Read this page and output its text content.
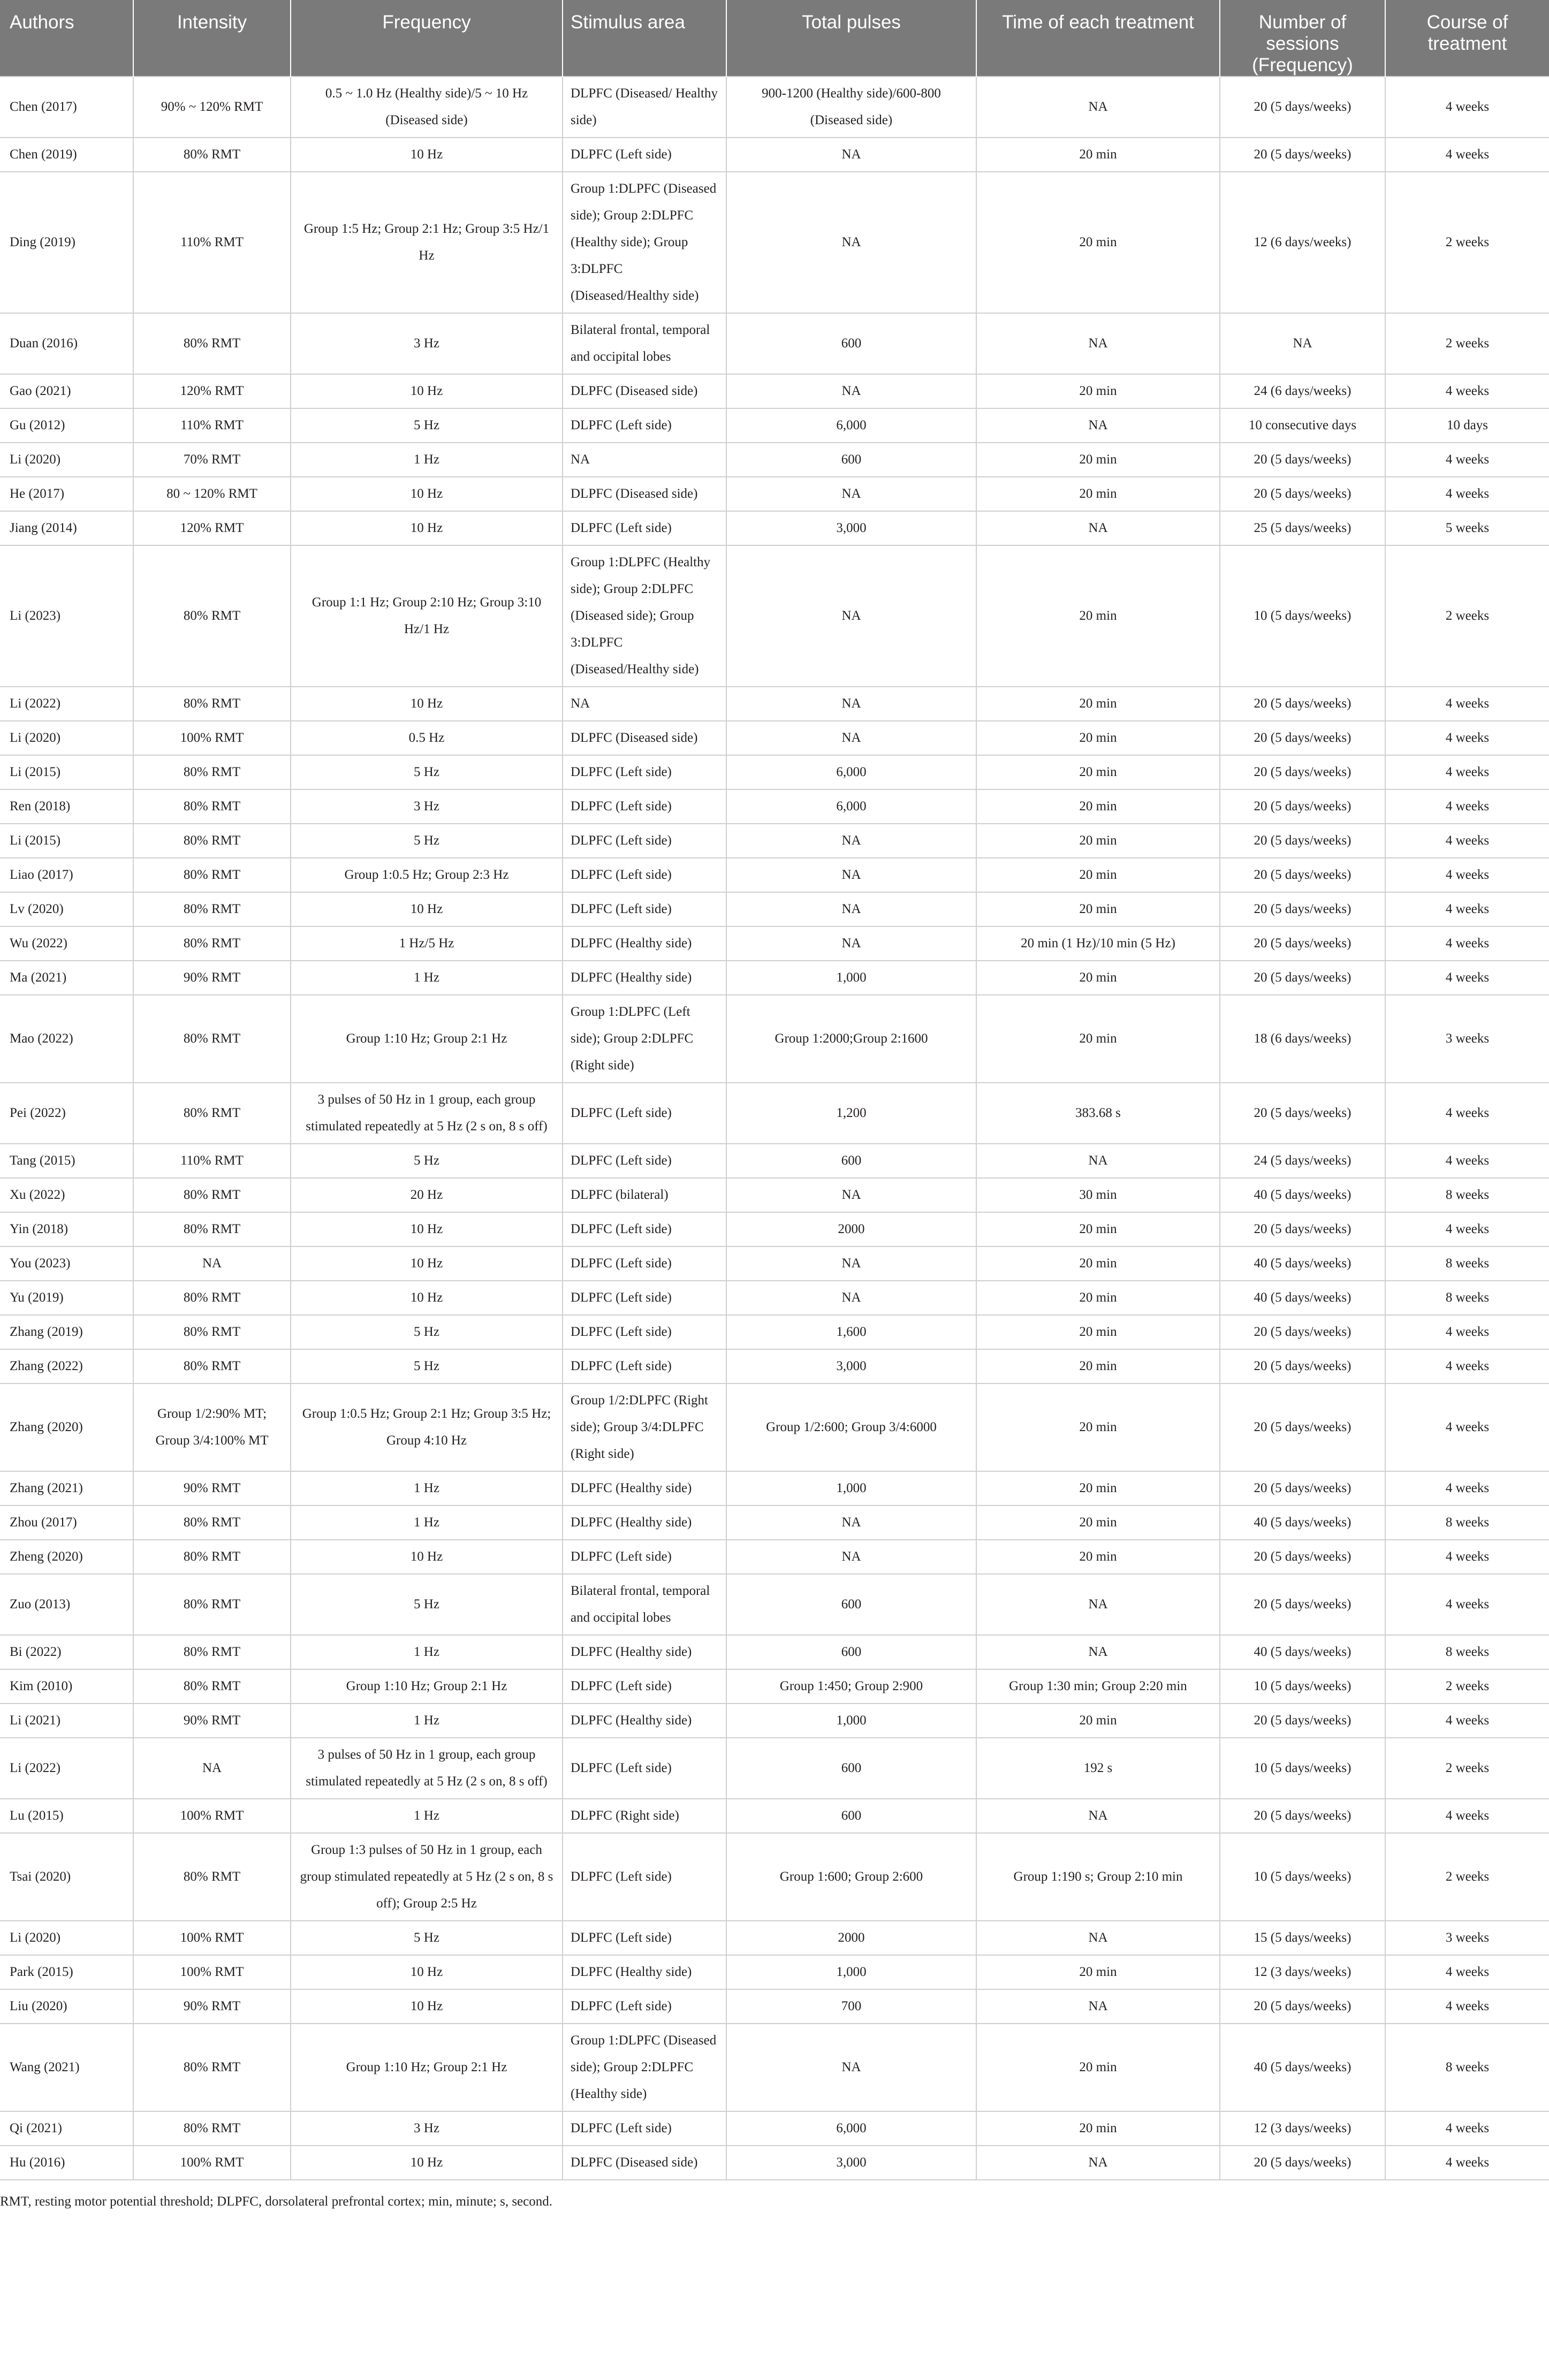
Authors	Intensity	Frequency	Stimulus area	Total pulses	Time of each treatment	Number of sessions (Frequency)	Course of treatment
Chen (2017)	90% ~ 120% RMT	0.5 ~ 1.0 Hz (Healthy side)/5 ~ 10 Hz (Diseased side)	DLPFC (Diseased/ Healthy side)	900-1200 (Healthy side)/600-800 (Diseased side)	NA	20 (5 days/weeks)	4 weeks
Chen (2019)	80% RMT	10 Hz	DLPFC (Left side)	NA	20 min	20 (5 days/weeks)	4 weeks
Ding (2019)	110% RMT	Group 1:5 Hz; Group 2:1 Hz; Group 3:5 Hz/1 Hz	Group 1:DLPFC (Diseased side); Group 2:DLPFC (Healthy side); Group 3:DLPFC (Diseased/Healthy side)	NA	20 min	12 (6 days/weeks)	2 weeks
Duan (2016)	80% RMT	3 Hz	Bilateral frontal, temporal and occipital lobes	600	NA	NA	2 weeks
Gao (2021)	120% RMT	10 Hz	DLPFC (Diseased side)	NA	20 min	24 (6 days/weeks)	4 weeks
Gu (2012)	110% RMT	5 Hz	DLPFC (Left side)	6,000	NA	10 consecutive days	10 days
Li (2020)	70% RMT	1 Hz	NA	600	20 min	20 (5 days/weeks)	4 weeks
He (2017)	80 ~ 120% RMT	10 Hz	DLPFC (Diseased side)	NA	20 min	20 (5 days/weeks)	4 weeks
Jiang (2014)	120% RMT	10 Hz	DLPFC (Left side)	3,000	NA	25 (5 days/weeks)	5 weeks
Li (2023)	80% RMT	Group 1:1 Hz; Group 2:10 Hz; Group 3:10 Hz/1 Hz	Group 1:DLPFC (Healthy side); Group 2:DLPFC (Diseased side); Group 3:DLPFC (Diseased/Healthy side)	NA	20 min	10 (5 days/weeks)	2 weeks
Li (2022)	80% RMT	10 Hz	NA	NA	20 min	20 (5 days/weeks)	4 weeks
Li (2020)	100% RMT	0.5 Hz	DLPFC (Diseased side)	NA	20 min	20 (5 days/weeks)	4 weeks
Li (2015)	80% RMT	5 Hz	DLPFC (Left side)	6,000	20 min	20 (5 days/weeks)	4 weeks
Ren (2018)	80% RMT	3 Hz	DLPFC (Left side)	6,000	20 min	20 (5 days/weeks)	4 weeks
Li (2015)	80% RMT	5 Hz	DLPFC (Left side)	NA	20 min	20 (5 days/weeks)	4 weeks
Liao (2017)	80% RMT	Group 1:0.5 Hz; Group 2:3 Hz	DLPFC (Left side)	NA	20 min	20 (5 days/weeks)	4 weeks
Lv (2020)	80% RMT	10 Hz	DLPFC (Left side)	NA	20 min	20 (5 days/weeks)	4 weeks
Wu (2022)	80% RMT	1 Hz/5 Hz	DLPFC (Healthy side)	NA	20 min (1 Hz)/10 min (5 Hz)	20 (5 days/weeks)	4 weeks
Ma (2021)	90% RMT	1 Hz	DLPFC (Healthy side)	1,000	20 min	20 (5 days/weeks)	4 weeks
Mao (2022)	80% RMT	Group 1:10 Hz; Group 2:1 Hz	Group 1:DLPFC (Left side); Group 2:DLPFC (Right side)	Group 1:2000;Group 2:1600	20 min	18 (6 days/weeks)	3 weeks
Pei (2022)	80% RMT	3 pulses of 50 Hz in 1 group, each group stimulated repeatedly at 5 Hz (2 s on, 8 s off)	DLPFC (Left side)	1,200	383.68 s	20 (5 days/weeks)	4 weeks
Tang (2015)	110% RMT	5 Hz	DLPFC (Left side)	600	NA	24 (5 days/weeks)	4 weeks
Xu (2022)	80% RMT	20 Hz	DLPFC (bilateral)	NA	30 min	40 (5 days/weeks)	8 weeks
Yin (2018)	80% RMT	10 Hz	DLPFC (Left side)	2000	20 min	20 (5 days/weeks)	4 weeks
You (2023)	NA	10 Hz	DLPFC (Left side)	NA	20 min	40 (5 days/weeks)	8 weeks
Yu (2019)	80% RMT	10 Hz	DLPFC (Left side)	NA	20 min	40 (5 days/weeks)	8 weeks
Zhang (2019)	80% RMT	5 Hz	DLPFC (Left side)	1,600	20 min	20 (5 days/weeks)	4 weeks
Zhang (2022)	80% RMT	5 Hz	DLPFC (Left side)	3,000	20 min	20 (5 days/weeks)	4 weeks
Zhang (2020)	Group 1/2:90% MT; Group 3/4:100% MT	Group 1:0.5 Hz; Group 2:1 Hz; Group 3:5 Hz; Group 4:10 Hz	Group 1/2:DLPFC (Right side); Group 3/4:DLPFC (Right side)	Group 1/2:600; Group 3/4:6000	20 min	20 (5 days/weeks)	4 weeks
Zhang (2021)	90% RMT	1 Hz	DLPFC (Healthy side)	1,000	20 min	20 (5 days/weeks)	4 weeks
Zhou (2017)	80% RMT	1 Hz	DLPFC (Healthy side)	NA	20 min	40 (5 days/weeks)	8 weeks
Zheng (2020)	80% RMT	10 Hz	DLPFC (Left side)	NA	20 min	20 (5 days/weeks)	4 weeks
Zuo (2013)	80% RMT	5 Hz	Bilateral frontal, temporal and occipital lobes	600	NA	20 (5 days/weeks)	4 weeks
Bi (2022)	80% RMT	1 Hz	DLPFC (Healthy side)	600	NA	40 (5 days/weeks)	8 weeks
Kim (2010)	80% RMT	Group 1:10 Hz; Group 2:1 Hz	DLPFC (Left side)	Group 1:450; Group 2:900	Group 1:30 min; Group 2:20 min	10 (5 days/weeks)	2 weeks
Li (2021)	90% RMT	1 Hz	DLPFC (Healthy side)	1,000	20 min	20 (5 days/weeks)	4 weeks
Li (2022)	NA	3 pulses of 50 Hz in 1 group, each group stimulated repeatedly at 5 Hz (2 s on, 8 s off)	DLPFC (Left side)	600	192 s	10 (5 days/weeks)	2 weeks
Lu (2015)	100% RMT	1 Hz	DLPFC (Right side)	600	NA	20 (5 days/weeks)	4 weeks
Tsai (2020)	80% RMT	Group 1:3 pulses of 50 Hz in 1 group, each group stimulated repeatedly at 5 Hz (2 s on, 8 s off); Group 2:5 Hz	DLPFC (Left side)	Group 1:600; Group 2:600	Group 1:190 s; Group 2:10 min	10 (5 days/weeks)	2 weeks
Li (2020)	100% RMT	5 Hz	DLPFC (Left side)	2000	NA	15 (5 days/weeks)	3 weeks
Park (2015)	100% RMT	10 Hz	DLPFC (Healthy side)	1,000	20 min	12 (3 days/weeks)	4 weeks
Liu (2020)	90% RMT	10 Hz	DLPFC (Left side)	700	NA	20 (5 days/weeks)	4 weeks
Wang (2021)	80% RMT	Group 1:10 Hz; Group 2:1 Hz	Group 1:DLPFC (Diseased side); Group 2:DLPFC (Healthy side)	NA	20 min	40 (5 days/weeks)	8 weeks
Qi (2021)	80% RMT	3 Hz	DLPFC (Left side)	6,000	20 min	12 (3 days/weeks)	4 weeks
Hu (2016)	100% RMT	10 Hz	DLPFC (Diseased side)	3,000	NA	20 (5 days/weeks)	4 weeks
RMT, resting motor potential threshold; DLPFC, dorsolateral prefrontal cortex; min, minute; s, second.
